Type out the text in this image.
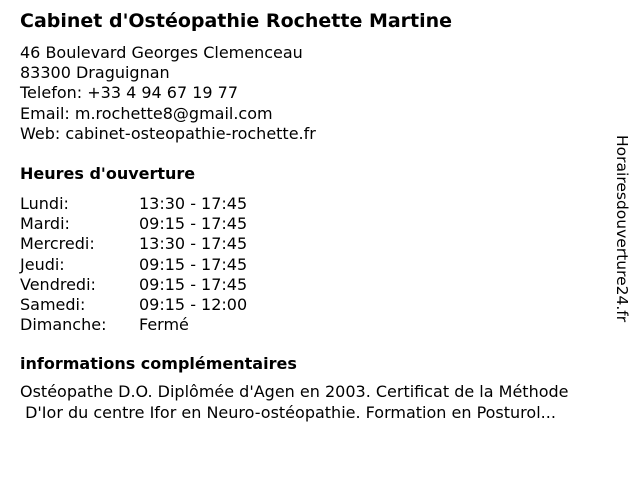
Cabinet d'Ostéopathie Rochette Martine
46 Boulevard Georges Clemenceau
83300 Draguignan
Telefon: +33 4 94 67 19 77
Email: m.rochette8@gmail.com
Web: cabinet-osteopathie-rochette.fr
Heures d'ouverture
Lundi:	13:30 - 17:45
Mardi:	09:15 - 17:45
Mercredi:	13:30 - 17:45
Jeudi:	09:15 - 17:45
Vendredi:	09:15 - 17:45
Samedi:	09:15 - 12:00
Dimanche: Fermé
informations complémentaires
Ostéopathe D.O. Diplômée d'Agen en 2003. Certificat de la Méthode
D'Ior du centre Ifor en Neuro-ostéopathie. Formation en Posturol...
Horairesdouverture24.fr
